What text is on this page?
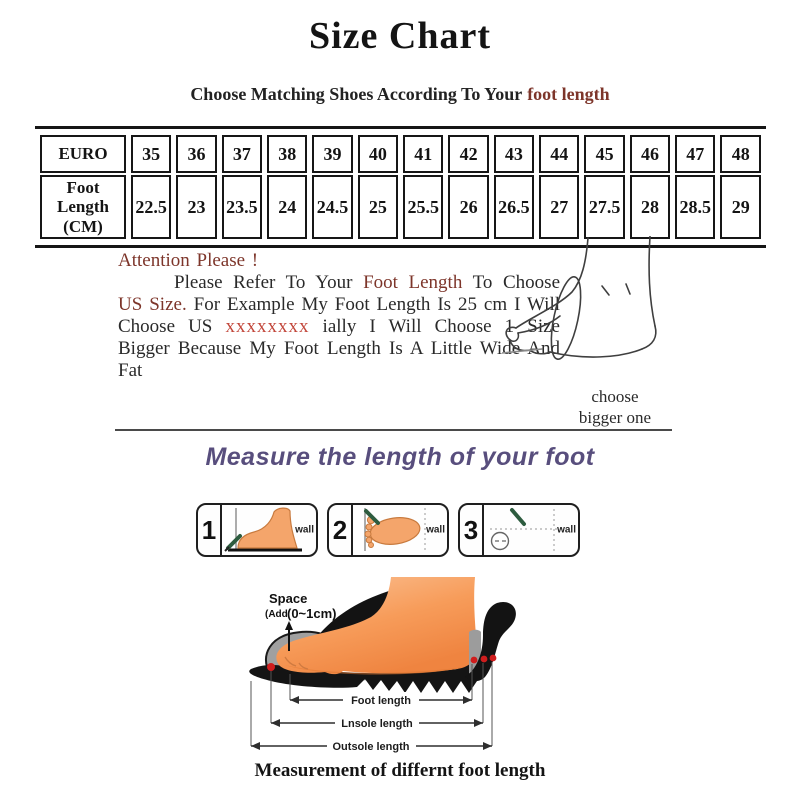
Size Chart
Choose Matching Shoes According To Your foot length
EURO	35	36	37	38	39	40	41	42	43	44	45	46	47	48
Foot Length (CM)	22.5	23	23.5	24	24.5	25	25.5	26	26.5	27	27.5	28	28.5	29

Attention Please !
Please Refer To Your Foot Length To Choose US Size. For Example My Foot Length Is 25 cm I Will Choose US xxxxxxxx ially I Will Choose 1 Size Bigger Because My Foot Length Is A Little Wide And Fat

choose
bigger one
Measure the length of your foot
1	wall 2	wall 3	wall
Space
(Add (0~1cm)
Foot length
Lnsole length
Outsole length
Measurement of differnt foot length
